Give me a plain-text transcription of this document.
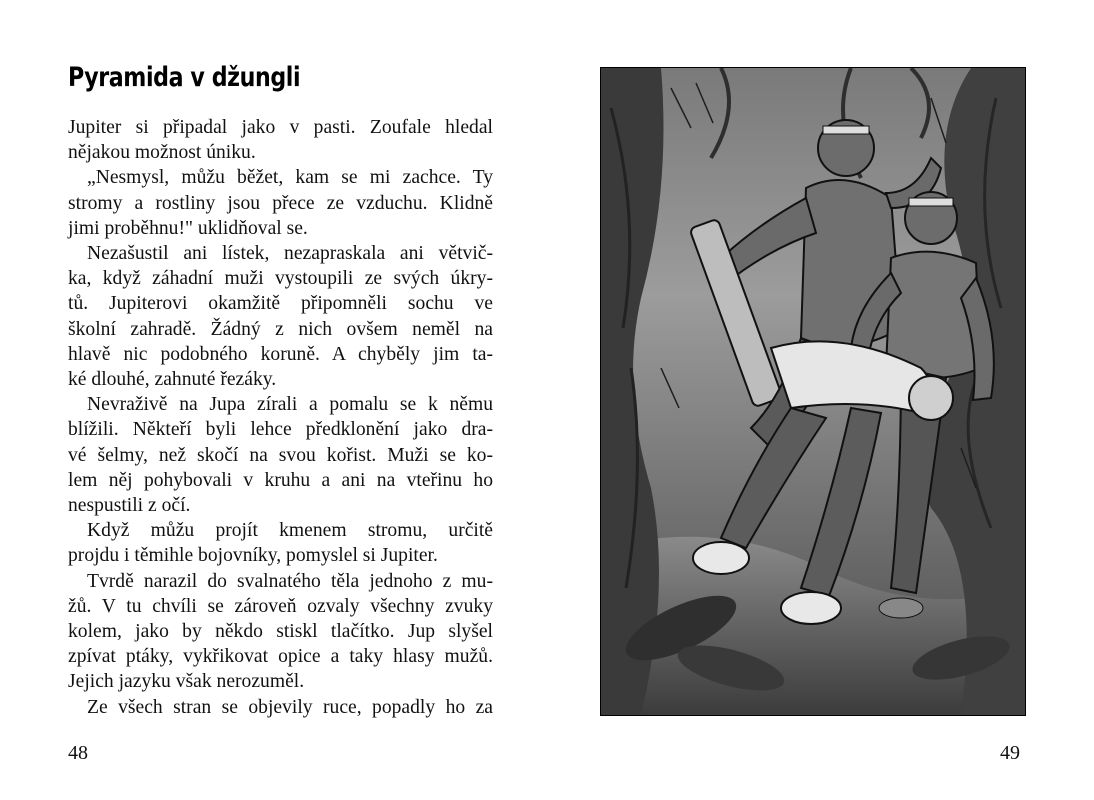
Pyramida v džungli

Jupiter si připadal jako v pasti. Zoufale hledal
nějakou možnost úniku.

„Nesmysl, můžu běžet, kam se mi zachce. Ty
stromy a rostliny jsou přece ze vzduchu. Klidně
jimi proběhnu!" uklidňoval se.

Nezašustil ani lístek, nezapraskala ani větvič-
ka, když záhadní muži vystoupili ze svých úkry-
tů. Jupiterovi okamžitě připomněli sochu ve
školní zahradě. Žádný z nich ovšem neměl na
hlavě nic podobného koruně. A chyběly jim ta-
ké dlouhé, zahnuté řezáky.

Nevraživě na Jupa zírali a pomalu se k němu
blížili. Někteří byli lehce předklonění jako dra-
vé šelmy, než skočí na svou kořist. Muži se ko-
lem něj pohybovali v kruhu a ani na vteřinu ho
nespustili z očí.

Když můžu projít kmenem stromu, určitě
projdu i těmihle bojovníky, pomyslel si Jupiter.

Tvrdě narazil do svalnatého těla jednoho z mu-
žů. V tu chvíli se zároveň ozvaly všechny zvuky
kolem, jako by někdo stiskl tlačítko. Jup slyšel
zpívat ptáky, vykřikovat opice a taky hlasy mužů.
Jejich jazyku však nerozuměl.

Ze všech stran se objevily ruce, popadly ho za

48	49
